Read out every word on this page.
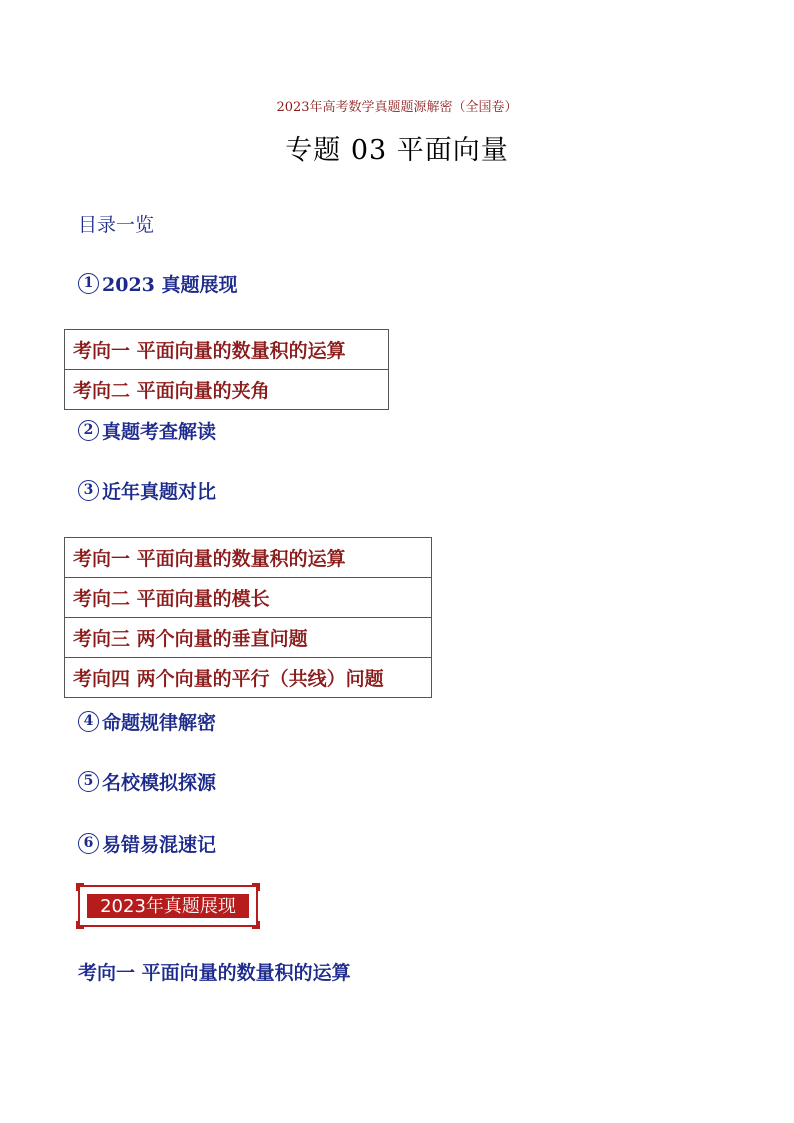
2023年高考数学真题题源解密（全国卷）
专题 03 平面向量
目录一览
1 2023 真题展现
考向一 平面向量的数量积的运算
考向二 平面向量的夹角
2 真题考查解读
3 近年真题对比
考向一 平面向量的数量积的运算
考向二 平面向量的模长
考向三 两个向量的垂直问题
考向四 两个向量的平行（共线）问题
4 命题规律解密
5 名校模拟探源
6 易错易混速记
2023年真题展现
考向一 平面向量的数量积的运算
